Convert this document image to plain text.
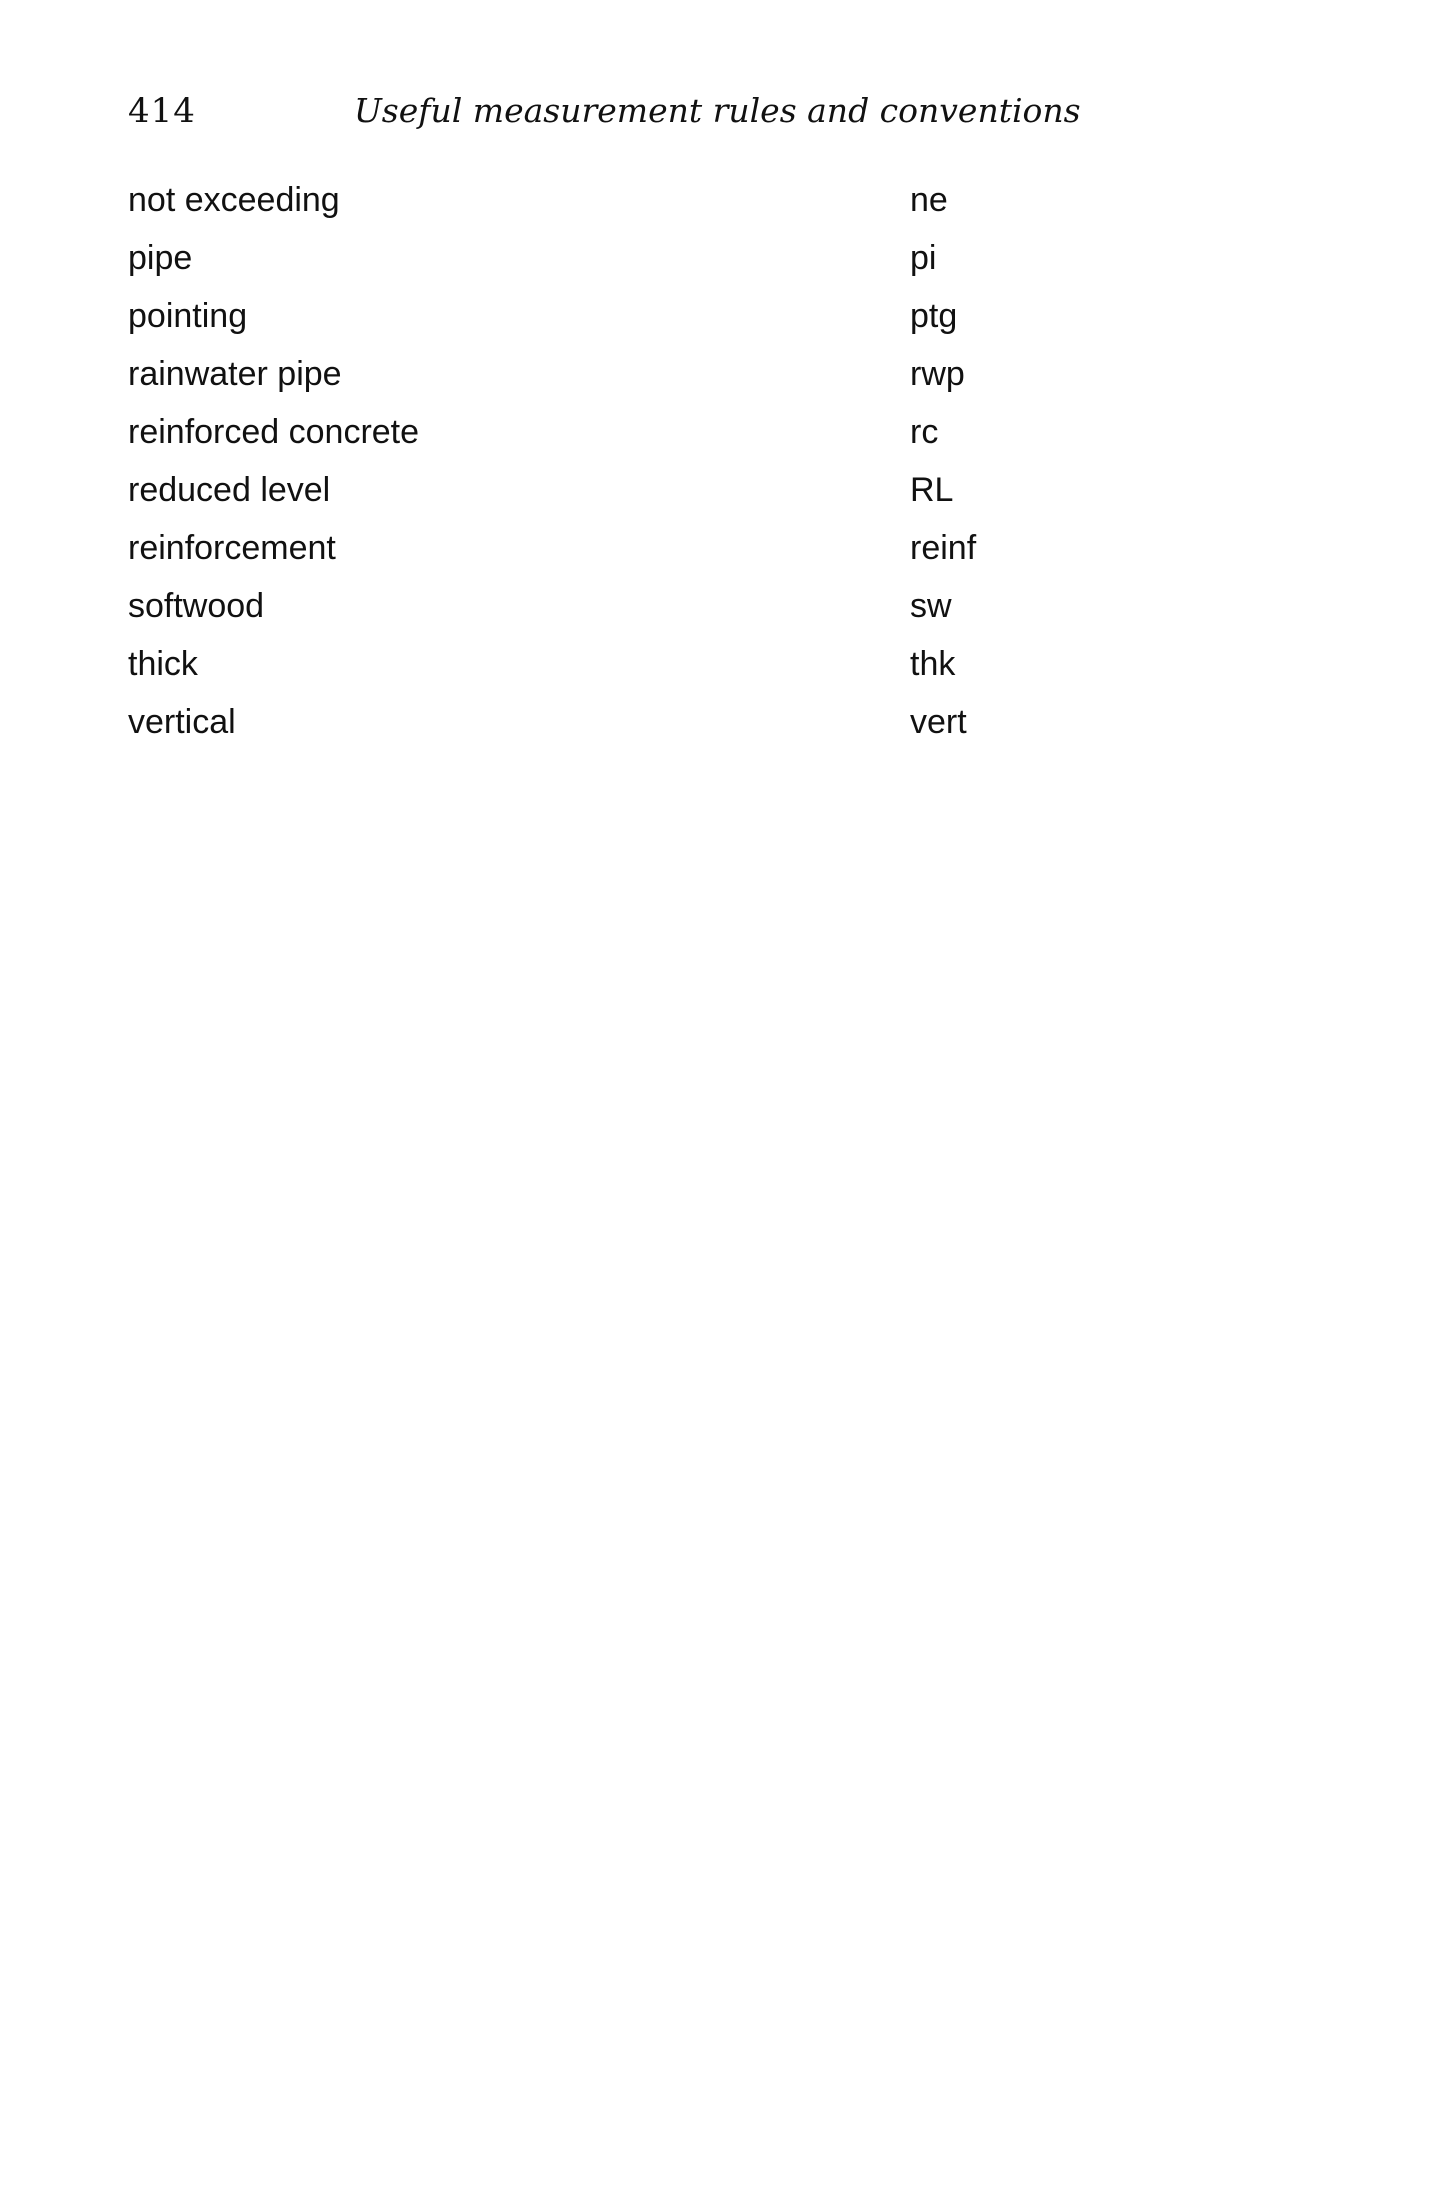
414	Useful measurement rules and conventions
not exceeding	ne
pipe	pi
pointing	ptg
rainwater pipe	rwp
reinforced concrete	rc
reduced level	RL
reinforcement	reinf
softwood	sw
thick	thk
vertical	vert
